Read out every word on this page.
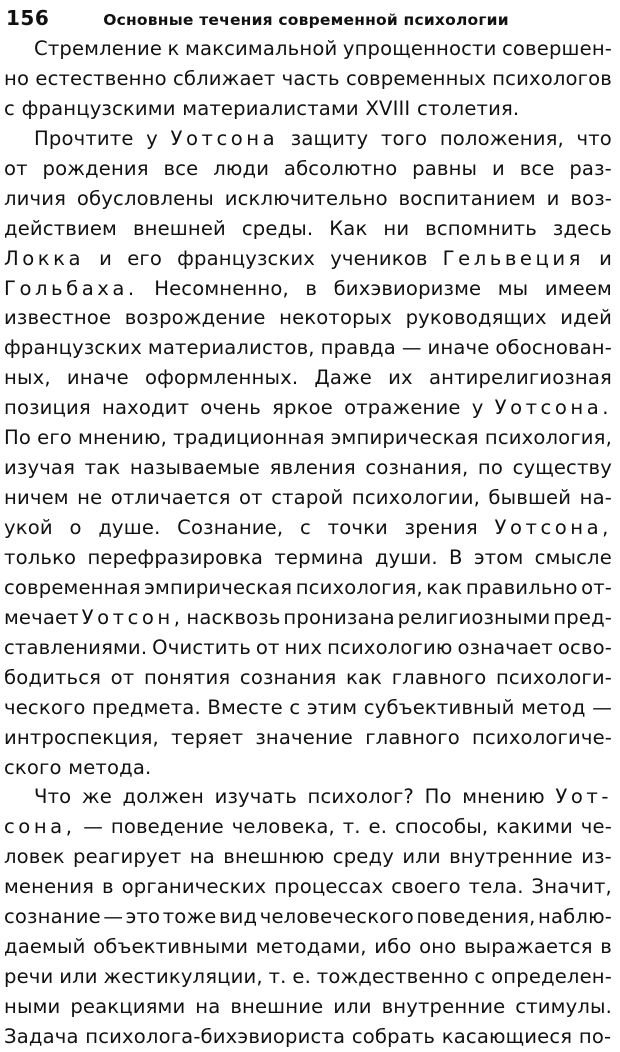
156	Основные течения современной психологии
Стремление к максимальной упрощенности совершен-
но естественно сближает часть современных психологов
с французскими материалистами XVIII столетия.
Прочтите у Уотсона защиту того положения, что
от рождения все люди абсолютно равны и все раз-
личия обусловлены исключительно воспитанием и воз-
действием внешней среды. Как ни вспомнить здесь
Локка и его французских учеников Гельвеция и
Гольбаха. Несомненно, в бихэвиоризме мы имеем
известное возрождение некоторых руководящих идей
французских материалистов, правда — иначе обоснован-
ных, иначе оформленных. Даже их антирелигиозная
позиция находит очень яркое отражение у Уотсона.
По его мнению, традиционная эмпирическая психология,
изучая так называемые явления сознания, по существу
ничем не отличается от старой психологии, бывшей на-
укой о душе. Сознание, с точки зрения Уотсона,
только перефразировка термина души. В этом смысле
современная эмпирическая психология, как правильно от-
мечает Уотсон, насквозь пронизана религиозными пред-
ставлениями. Очистить от них психологию означает осво-
бодиться от понятия сознания как главного психологи-
ческого предмета. Вместе с этим субъективный метод —
интроспекция, теряет значение главного психологиче-
ского метода.
Что же должен изучать психолог? По мнению Уот-
сона, — поведение человека, т. е. способы, какими че-
ловек реагирует на внешнюю среду или внутренние из-
менения в органических процессах своего тела. Значит,
сознание — это тоже вид человеческого поведения, наблю-
даемый объективными методами, ибо оно выражается в
речи или жестикуляции, т. е. тождественно с определен-
ными реакциями на внешние или внутренние стимулы.
Задача психолога-бихэвиориста собрать касающиеся по-
